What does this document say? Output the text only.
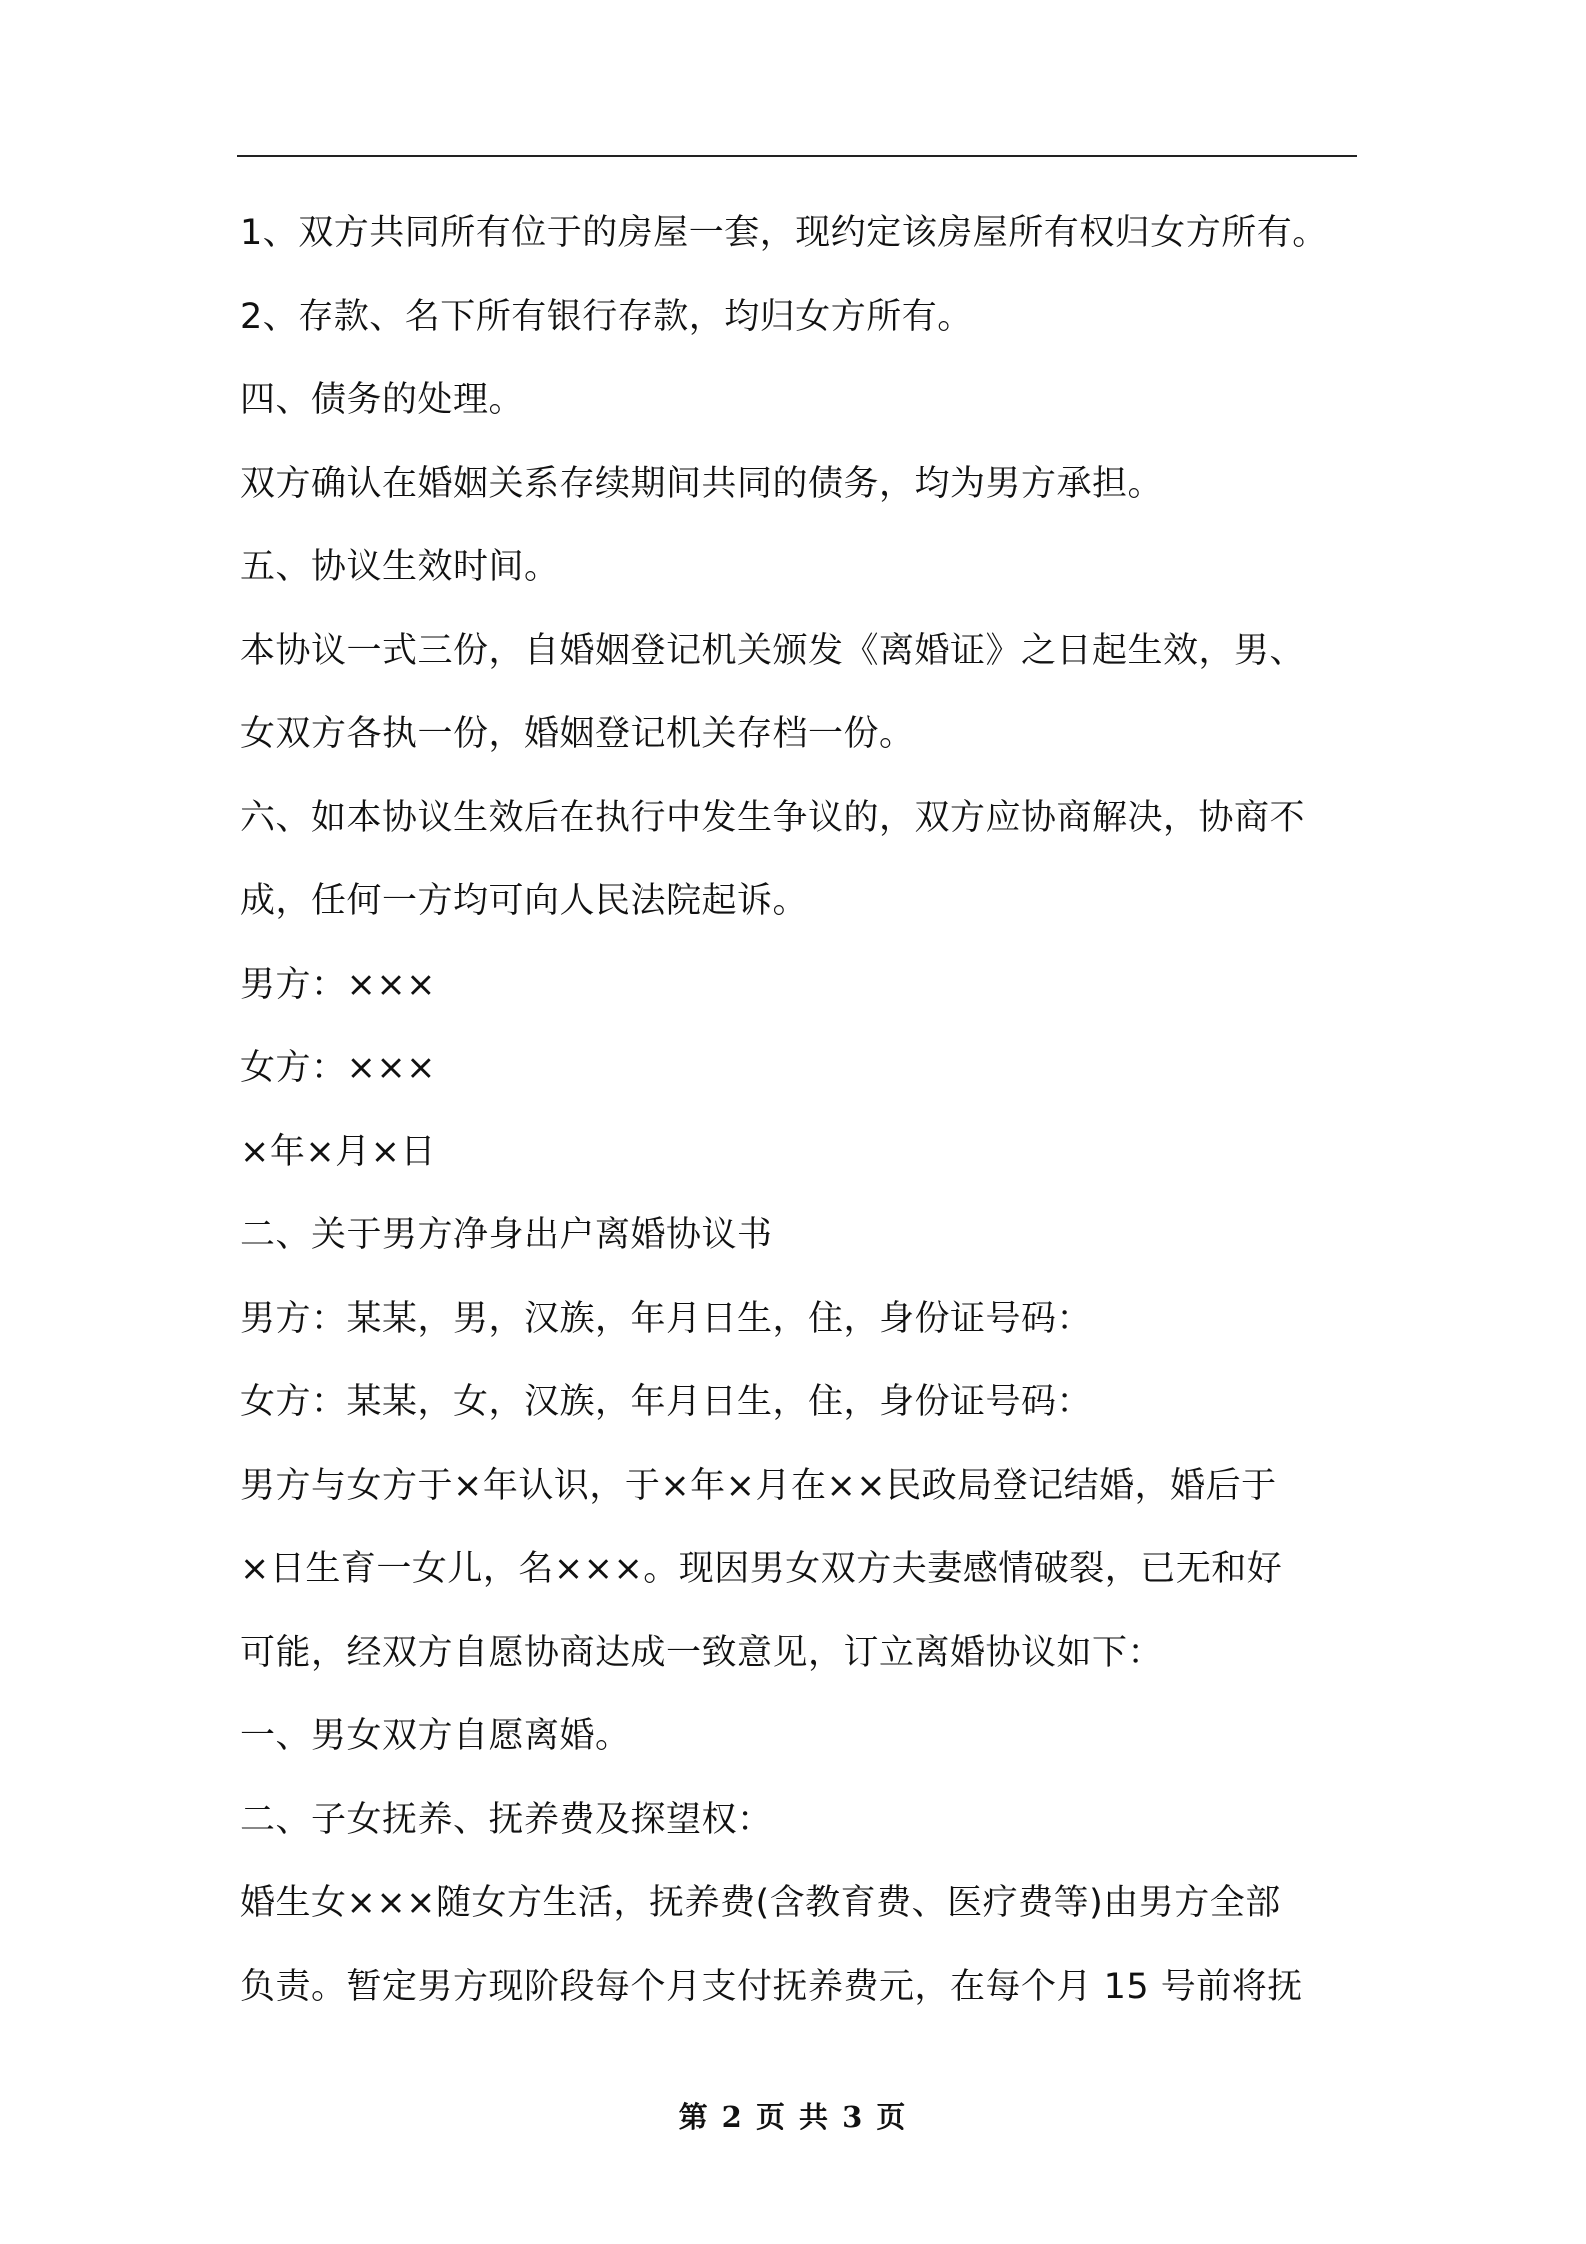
1、双方共同所有位于的房屋一套，现约定该房屋所有权归女方所有。
2、存款、名下所有银行存款，均归女方所有。
四、债务的处理。
双方确认在婚姻关系存续期间共同的债务，均为男方承担。
五、协议生效时间。
本协议一式三份，自婚姻登记机关颁发《离婚证》之日起生效，男、
女双方各执一份，婚姻登记机关存档一份。
六、如本协议生效后在执行中发生争议的，双方应协商解决，协商不
成，任何一方均可向人民法院起诉。
男方：×××
女方：×××
×年×月×日
二、关于男方净身出户离婚协议书
男方：某某，男，汉族，年月日生，住，身份证号码：
女方：某某，女，汉族，年月日生，住，身份证号码：
男方与女方于×年认识，于×年×月在××民政局登记结婚，婚后于
×日生育一女儿，名×××。现因男女双方夫妻感情破裂，已无和好
可能，经双方自愿协商达成一致意见，订立离婚协议如下：
一、男女双方自愿离婚。
二、子女抚养、抚养费及探望权：
婚生女×××随女方生活，抚养费(含教育费、医疗费等)由男方全部
负责。暂定男方现阶段每个月支付抚养费元，在每个月 15 号前将抚
第 2 页 共 3 页
